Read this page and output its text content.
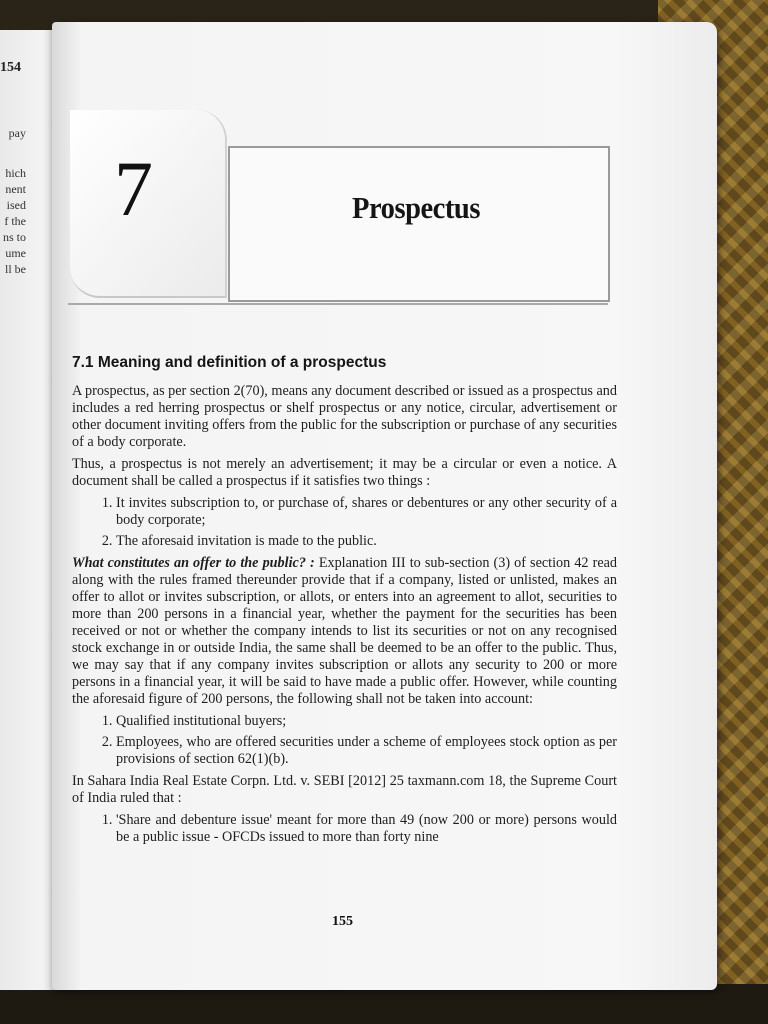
154
pay
hich
nent
ised
f the
ns to
ume
ll be
7	Prospectus
7.1 Meaning and definition of a prospectus

A prospectus, as per section 2(70), means any document described or issued as a prospectus and includes a red herring prospectus or shelf prospectus or any notice, circular, advertisement or other document inviting offers from the public for the subscription or purchase of any securities of a body corporate.

Thus, a prospectus is not merely an advertisement; it may be a circular or even a notice. A document shall be called a prospectus if it satisfies two things :

1. It invites subscription to, or purchase of, shares or debentures or any other security of a body corporate;
2. The aforesaid invitation is made to the public.

What constitutes an offer to the public? : Explanation III to sub-section (3) of section 42 read along with the rules framed thereunder provide that if a company, listed or unlisted, makes an offer to allot or invites subscription, or allots, or enters into an agreement to allot, securities to more than 200 persons in a financial year, whether the payment for the securities has been received or not or whether the company intends to list its securities or not on any recognised stock exchange in or outside India, the same shall be deemed to be an offer to the public. Thus, we may say that if any company invites subscription or allots any security to 200 or more persons in a financial year, it will be said to have made a public offer. However, while counting the aforesaid figure of 200 persons, the following shall not be taken into account:

1. Qualified institutional buyers;
2. Employees, who are offered securities under a scheme of employees stock option as per provisions of section 62(1)(b).

In Sahara India Real Estate Corpn. Ltd. v. SEBI [2012] 25 taxmann.com 18, the Supreme Court of India ruled that :

1. 'Share and debenture issue' meant for more than 49 (now 200 or more) persons would be a public issue - OFCDs issued to more than forty nine
155
